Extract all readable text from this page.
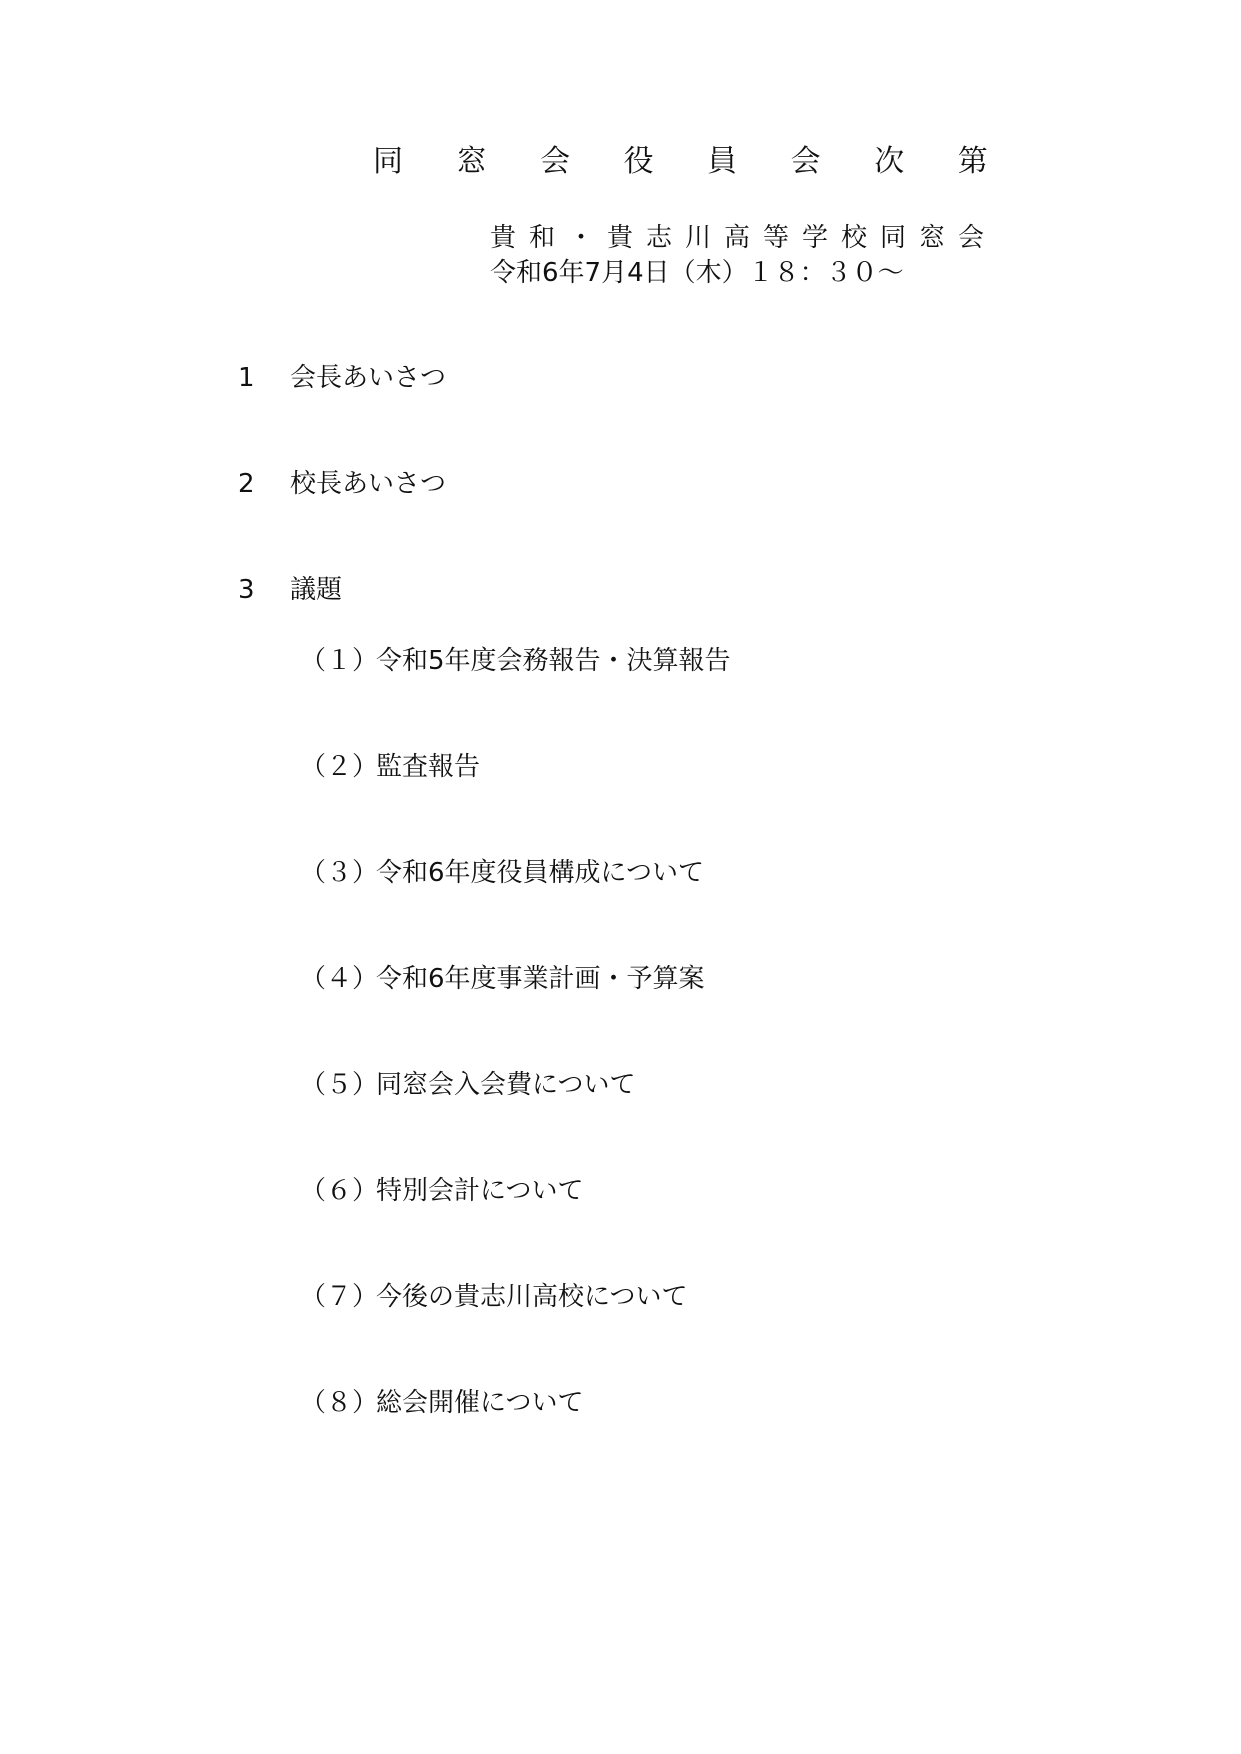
同 窓 会 役 員 会 次 第
貴和・貴志川高等学校同窓会
令和6年7月4日（木）１８：３０～
1 会長あいさつ
2 校長あいさつ
3 議題
（１）令和5年度会務報告・決算報告
（２）監査報告
（３）令和6年度役員構成について
（４）令和6年度事業計画・予算案
（５）同窓会入会費について
（６）特別会計について
（７）今後の貴志川高校について
（８）総会開催について
